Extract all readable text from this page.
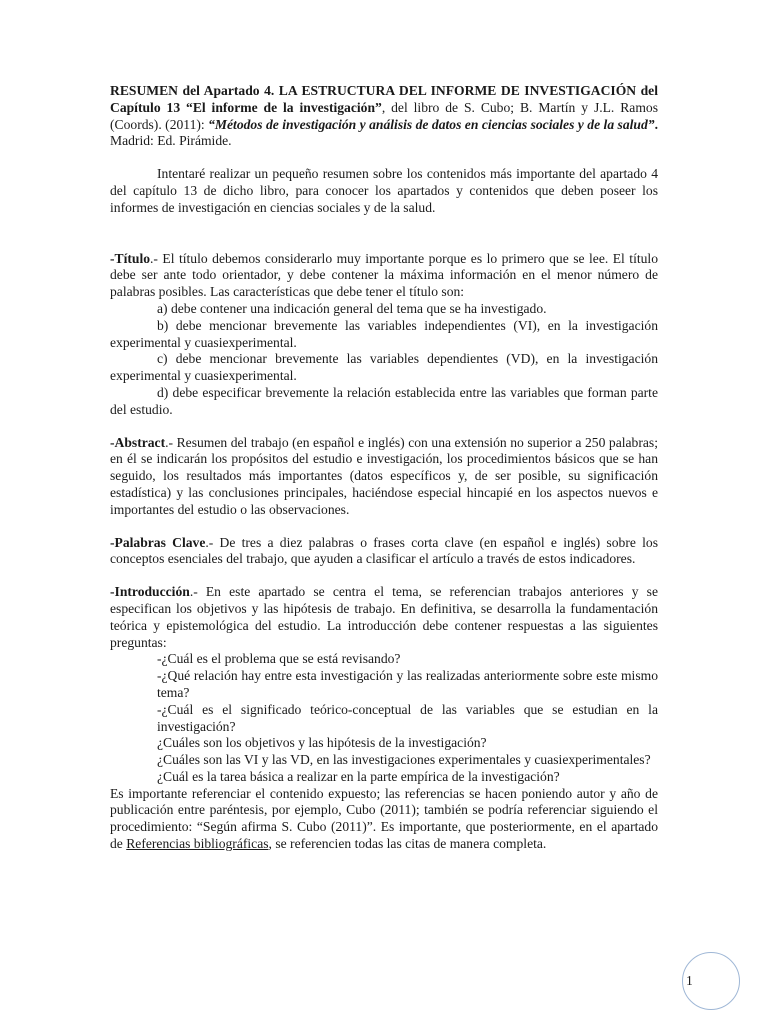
RESUMEN del Apartado 4. LA ESTRUCTURA DEL INFORME DE INVESTIGACIÓN del Capítulo 13 “El informe de la investigación”, del libro de S. Cubo; B. Martín y J.L. Ramos (Coords). (2011): “Métodos de investigación y análisis de datos en ciencias sociales y de la salud”. Madrid: Ed. Pirámide.

Intentaré realizar un pequeño resumen sobre los contenidos más importante del apartado 4 del capítulo 13 de dicho libro, para conocer los apartados y contenidos que deben poseer los informes de investigación en ciencias sociales y de la salud.

-Título.- El título debemos considerarlo muy importante porque es lo primero que se lee. El título debe ser ante todo orientador, y debe contener la máxima información en el menor número de palabras posibles. Las características que debe tener el título son:

a) debe contener una indicación general del tema que se ha investigado.

b) debe mencionar brevemente las variables independientes (VI), en la investigación experimental y cuasiexperimental.

c) debe mencionar brevemente las variables dependientes (VD), en la investigación experimental y cuasiexperimental.

d) debe especificar brevemente la relación establecida entre las variables que forman parte del estudio.

-Abstract.- Resumen del trabajo (en español e inglés) con una extensión no superior a 250 palabras; en él se indicarán los propósitos del estudio e investigación, los procedimientos básicos que se han seguido, los resultados más importantes (datos específicos y, de ser posible, su significación estadística) y las conclusiones principales, haciéndose especial hincapié en los aspectos nuevos e importantes del estudio o las observaciones.

-Palabras Clave.- De tres a diez palabras o frases corta clave (en español e inglés) sobre los conceptos esenciales del trabajo, que ayuden a clasificar el artículo a través de estos indicadores.

-Introducción.- En este apartado se centra el tema, se referencian trabajos anteriores y se especifican los objetivos y las hipótesis de trabajo. En definitiva, se desarrolla la fundamentación teórica y epistemológica del estudio. La introducción debe contener respuestas a las siguientes preguntas:

-¿Cuál es el problema que se está revisando?

-¿Qué relación hay entre esta investigación y las realizadas anteriormente sobre este mismo tema?

-¿Cuál es el significado teórico-conceptual de las variables que se estudian en la investigación?

¿Cuáles son los objetivos y las hipótesis de la investigación?

¿Cuáles son las VI y las VD, en las investigaciones experimentales y cuasiexperimentales?

¿Cuál es la tarea básica a realizar en la parte empírica de la investigación?

Es importante referenciar el contenido expuesto; las referencias se hacen poniendo autor y año de publicación entre paréntesis, por ejemplo, Cubo (2011); también se podría referenciar siguiendo el procedimiento: “Según afirma S. Cubo (2011)”. Es importante, que posteriormente, en el apartado de Referencias bibliográficas, se referencien todas las citas de manera completa.

1
